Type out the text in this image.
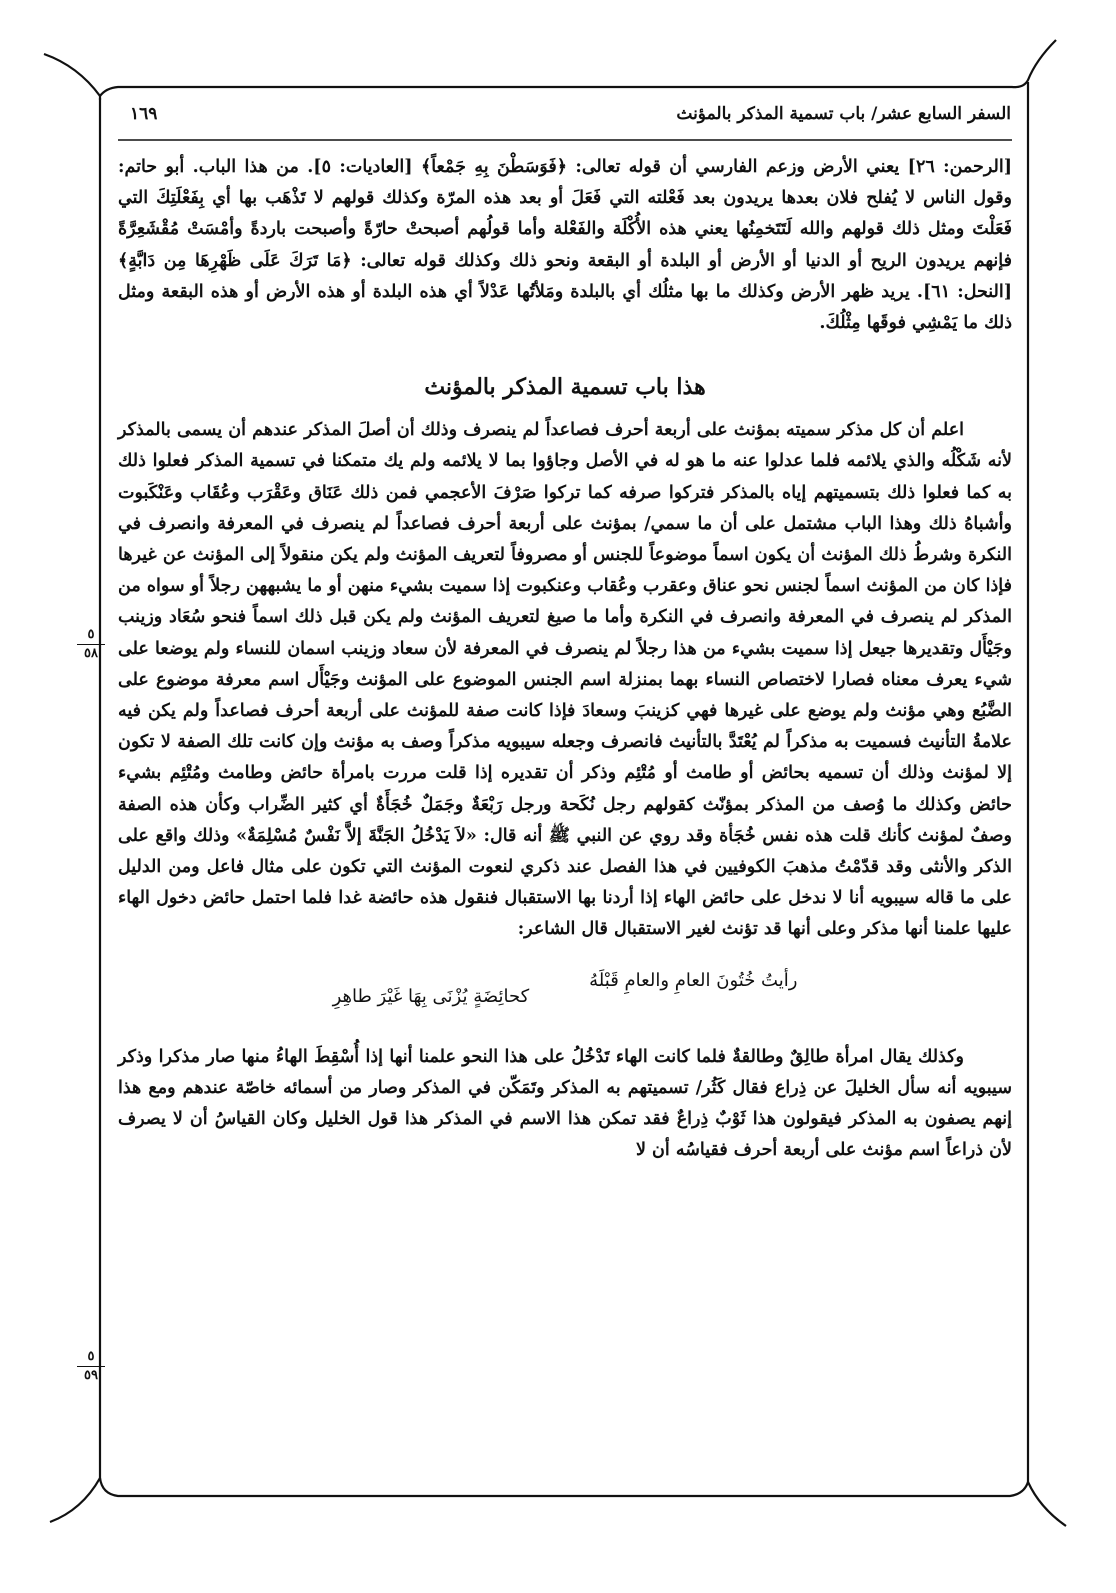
السفر السابع عشر/ باب تسمية المذكر بالمؤنث
١٦٩

[الرحمن: ٢٦] يعني الأرض وزعم الفارسي أن قوله تعالى: ﴿فَوَسَطْنَ بِهِ جَمْعاً﴾ [العاديات: ٥]. من هذا الباب. أبو حاتم: وقول الناس لا يُفلح فلان بعدها يريدون بعد فَعْلته التي فَعَلَ أو بعد هذه المرّة وكذلك قولهم لا تَذْهَب بها أي بِفَعْلَتِكَ التي فَعَلْتَ ومثل ذلك قولهم والله لَتَتَخمِنُها يعني هذه الأُكْلَة والفَعْلة وأما قولُهم أصبحتْ حارّةً وأصبحت باردةً وأمْسَتْ مُقْشَعِرَّةً فإنهم يريدون الريح أو الدنيا أو الأرض أو البلدة أو البقعة ونحو ذلك وكذلك قوله تعالى: ﴿مَا تَرَكَ عَلَى ظَهْرِهَا مِن دَابَّةٍ﴾ [النحل: ٦١]. يريد ظهر الأرض وكذلك ما بها مثلُك أي بالبلدة ومَلأتُها عَدْلاً أي هذه البلدة أو هذه الأرض أو هذه البقعة ومثل ذلك ما يَمْشِي فوقَها مِثْلُكَ.

هذا باب تسمية المذكر بالمؤنث

اعلم أن كل مذكر سميته بمؤنث على أربعة أحرف فصاعداً لم ينصرف وذلك أن أصلَ المذكر عندهم أن يسمى بالمذكر لأنه شَكْلُه والذي يلائمه فلما عدلوا عنه ما هو له في الأصل وجاؤوا بما لا يلائمه ولم يك متمكنا في تسمية المذكر فعلوا ذلك به كما فعلوا ذلك بتسميتهم إياه بالمذكر فتركوا صرفه كما تركوا صَرْفَ الأعجمي فمن ذلك عَنَاق وعَقْرَب وعُقَاب وعَنْكَبوت وأشباهُ ذلك وهذا الباب مشتمل على أن ما سمي/ بمؤنث على أربعة أحرف فصاعداً لم ينصرف في المعرفة وانصرف في النكرة وشرطُ ذلك المؤنث أن يكون اسماً موضوعاً للجنس أو مصروفاً لتعريف المؤنث ولم يكن منقولاً إلى المؤنث عن غيرها فإذا كان من المؤنث اسماً لجنس نحو عناق وعقرب وعُقاب وعنكبوت إذا سميت بشيء منهن أو ما يشبههن رجلاً أو سواه من المذكر لم ينصرف في المعرفة وانصرف في النكرة وأما ما صيغ لتعريف المؤنث ولم يكن قبل ذلك اسماً فنحو سُعَاد وزينب وجَيْأَل وتقديرها جيعل إذا سميت بشيء من هذا رجلاً لم ينصرف في المعرفة لأن سعاد وزينب اسمان للنساء ولم يوضعا على شيء يعرف معناه فصارا لاختصاص النساء بهما بمنزلة اسم الجنس الموضوع على المؤنث وجَيْأَل اسم معرفة موضوع على الضَّبُع وهي مؤنث ولم يوضع على غيرها فهي كزينبَ وسعادَ فإذا كانت صفة للمؤنث على أربعة أحرف فصاعداً ولم يكن فيه علامةُ التأنيث فسميت به مذكراً لم يُعْتَدَّ بالتأنيث فانصرف وجعله سيبويه مذكراً وصف به مؤنث وإن كانت تلك الصفة لا تكون إلا لمؤنث وذلك أن تسميه بحائض أو طامث أو مُتْئِم وذكر أن تقديره إذا قلت مررت بامرأة حائض وطامث ومُتْئِم بشيء حائض وكذلك ما وُصف من المذكر بمؤنّث كقولهم رجل نُكَحة ورجل رَبْعَةٌ وجَمَلٌ خُجَأَةٌ أي كثير الضِّراب وكأن هذه الصفة وصفٌ لمؤنث كأنك قلت هذه نفس خُجَأة وقد روي عن النبي ﷺ أنه قال: «لاَ يَدْخُلُ الجَنَّةَ إلاَّ نَفْسٌ مُسْلِمَةٌ» وذلك واقع على الذكر والأنثى وقد قدّمْتُ مذهبَ الكوفيين في هذا الفصل عند ذكري لنعوت المؤنث التي تكون على مثال فاعل ومن الدليل على ما قاله سيبويه أنا لا ندخل على حائض الهاء إذا أردنا بها الاستقبال فنقول هذه حائضة غدا فلما احتمل حائض دخول الهاء عليها علمنا أنها مذكر وعلى أنها قد تؤنث لغير الاستقبال قال الشاعر:

رأيتُ خُتُونَ العامِ والعامِ قَبْلَهُ
كحائِضَةٍ يُزْنَى بِهَا غَيْرَ طاهِرِ

وكذلك يقال امرأة طالِقٌ وطالقةٌ فلما كانت الهاء تَدْخُلُ على هذا النحو علمنا أنها إذا أُسْقِطَ الهاءُ منها صار مذكرا وذكر سيبويه أنه سأل الخليلَ عن ذِراع فقال كَثُر/ تسميتهم به المذكر وتَمَكّن في المذكر وصار من أسمائه خاصّة عندهم ومع هذا إنهم يصفون به المذكر فيقولون هذا ثَوْبٌ ذِراعٌ فقد تمكن هذا الاسم في المذكر هذا قول الخليل وكان القياسُ أن لا يصرف لأن ذراعاً اسم مؤنث على أربعة أحرف فقياسُه أن لا

٥
٥٨
٥
٥٩
